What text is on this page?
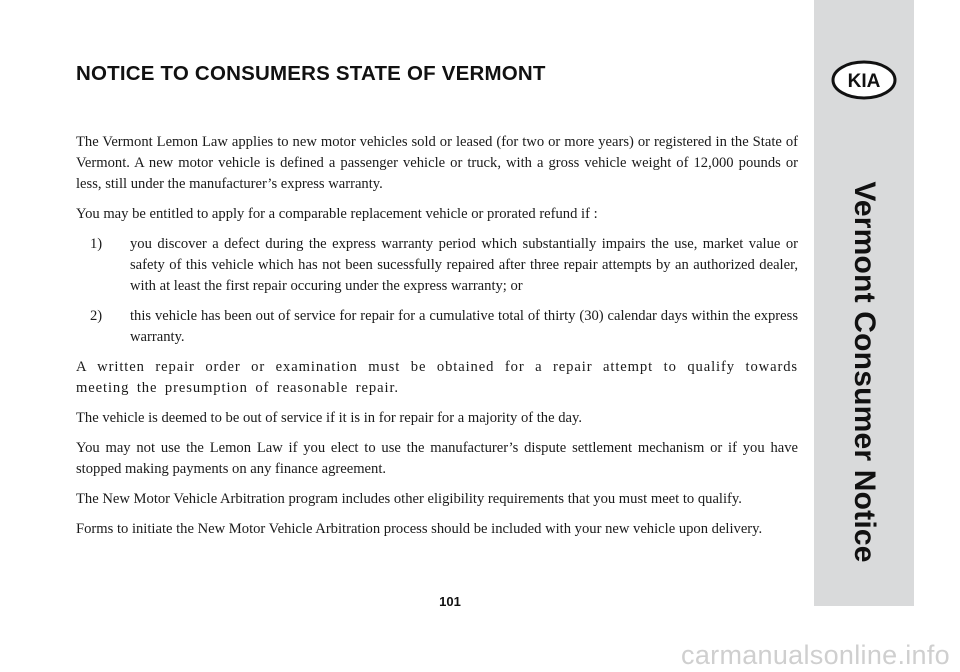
NOTICE TO CONSUMERS STATE OF VERMONT

The Vermont Lemon Law applies to new motor vehicles sold or leased (for two or more years) or registered in the State of Vermont. A new motor vehicle is defined a passenger vehicle or truck, with a gross vehicle weight of 12,000 pounds or less, still under the manufacturer’s express warranty.

You may be entitled to apply for a comparable replacement vehicle or prorated refund if :

1) you discover a defect during the express warranty period which substantially impairs the use, market value or safety of this vehicle which has not been sucessfully repaired after three repair attempts by an authorized dealer, with at least the first repair occuring under the express warranty; or
2) this vehicle has been out of service for repair for a cumulative total of thirty (30) calendar days within the express warranty.

A written repair order or examination must be obtained for a repair attempt to qualify towards meeting the presumption of reasonable repair.

The vehicle is deemed to be out of service if it is in for repair for a majority of the day.

You may not use the Lemon Law if you elect to use the manufacturer’s dispute settlement mechanism or if you have stopped making payments on any finance agreement.

The New Motor Vehicle Arbitration program includes other eligibility requirements that you must meet to qualify.

Forms to initiate the New Motor Vehicle Arbitration process should be included with your new vehicle upon delivery.

KIA
Vermont Consumer Notice
101
carmanualsonline.info
